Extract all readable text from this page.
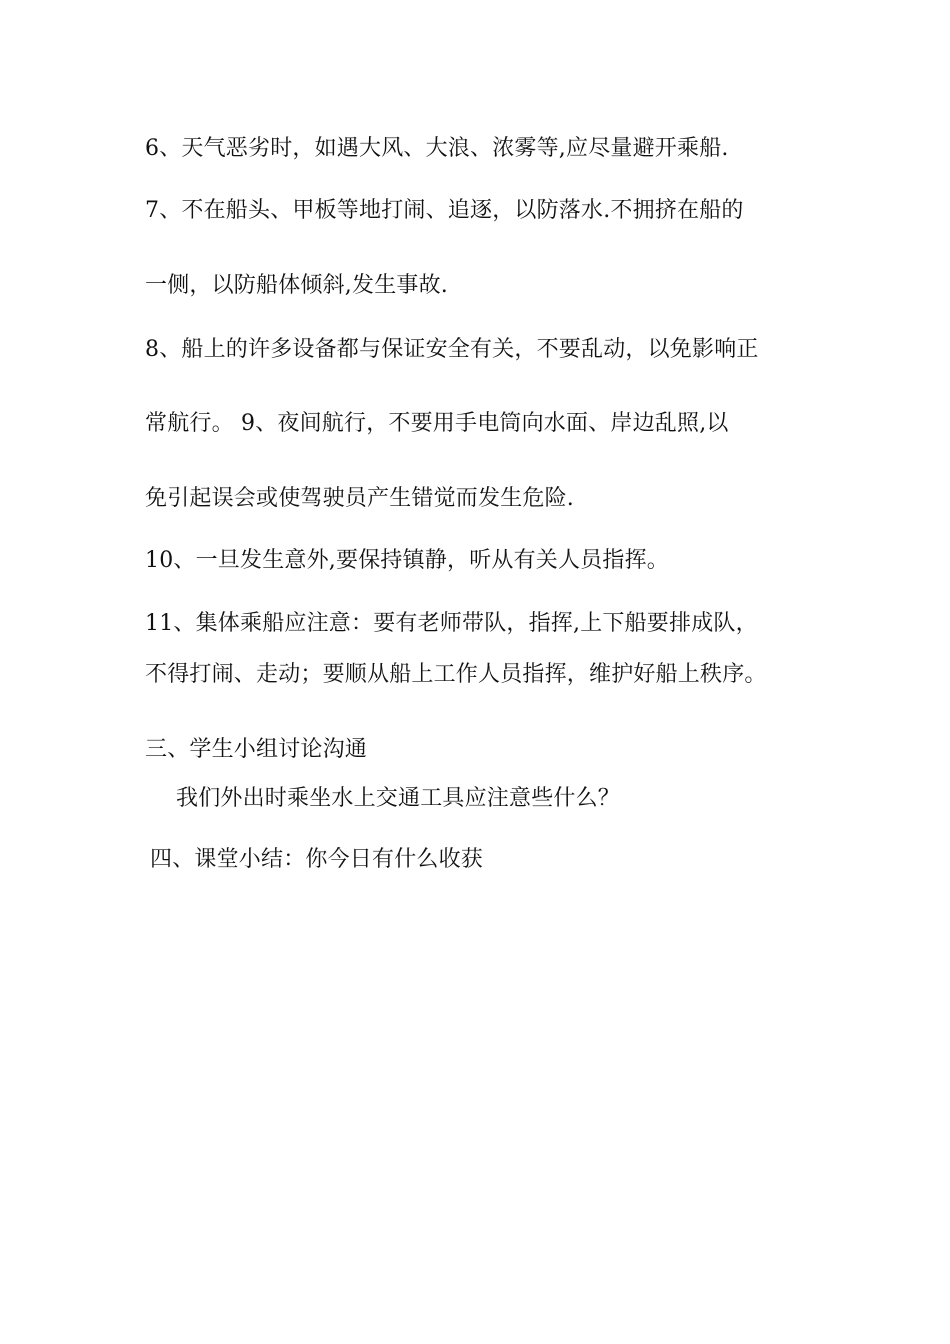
6、天气恶劣时，如遇大风、大浪、浓雾等,应尽量避开乘船.
7、不在船头、甲板等地打闹、追逐，以防落水.不拥挤在船的
一侧，以防船体倾斜,发生事故.
8、船上的许多设备都与保证安全有关，不要乱动，以免影响正
常航行。 9、夜间航行，不要用手电筒向水面、岸边乱照,以
免引起误会或使驾驶员产生错觉而发生危险.
10、一旦发生意外,要保持镇静，听从有关人员指挥。
11、集体乘船应注意：要有老师带队，指挥,上下船要排成队，
不得打闹、走动；要顺从船上工作人员指挥，维护好船上秩序。
三、学生小组讨论沟通
我们外出时乘坐水上交通工具应注意些什么？
四、课堂小结：你今日有什么收获
